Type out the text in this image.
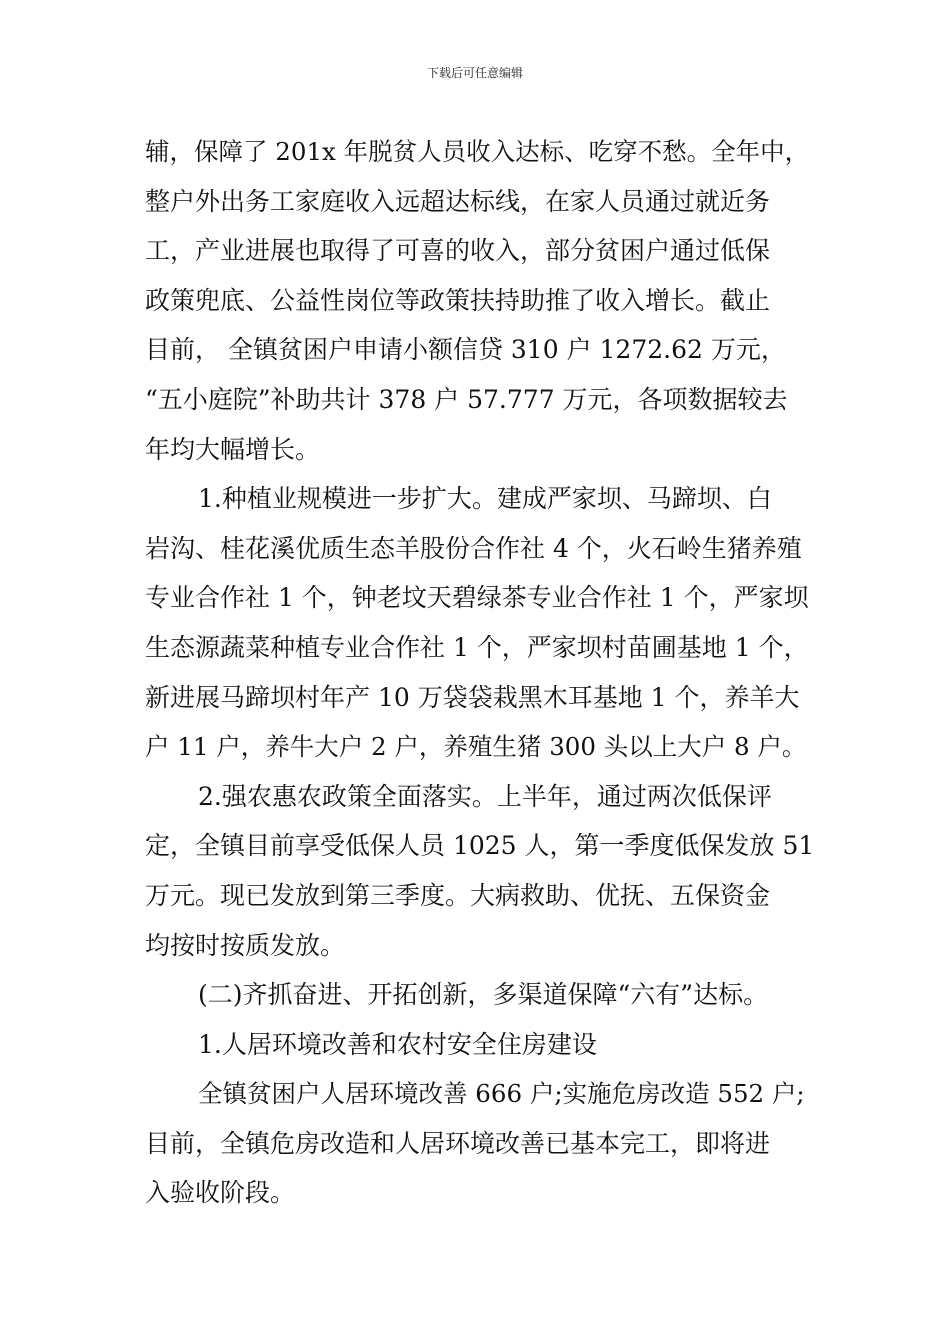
下载后可任意编辑

辅，保障了 201x 年脱贫人员收入达标、吃穿不愁。全年中，

整户外出务工家庭收入远超达标线，在家人员通过就近务

工，产业进展也取得了可喜的收入，部分贫困户通过低保

政策兜底、公益性岗位等政策扶持助推了收入增长。截止

目前， 全镇贫困户申请小额信贷 310 户 1272.62 万元，

“五小庭院”补助共计 378 户 57.777 万元，各项数据较去

年均大幅增长。

1.种植业规模进一步扩大。建成严家坝、马蹄坝、白

岩沟、桂花溪优质生态羊股份合作社 4 个，火石岭生猪养殖

专业合作社 1 个，钟老坟天碧绿茶专业合作社 1 个，严家坝

生态源蔬菜种植专业合作社 1 个，严家坝村苗圃基地 1 个，

新进展马蹄坝村年产 10 万袋袋栽黑木耳基地 1 个，养羊大

户 11 户，养牛大户 2 户，养殖生猪 300 头以上大户 8 户。

2.强农惠农政策全面落实。上半年，通过两次低保评

定，全镇目前享受低保人员 1025 人，第一季度低保发放 51

万元。现已发放到第三季度。大病救助、优抚、五保资金

均按时按质发放。

(二)齐抓奋进、开拓创新，多渠道保障“六有”达标。

1.人居环境改善和农村安全住房建设

全镇贫困户人居环境改善 666 户;实施危房改造 552 户;

目前，全镇危房改造和人居环境改善已基本完工，即将进

入验收阶段。
